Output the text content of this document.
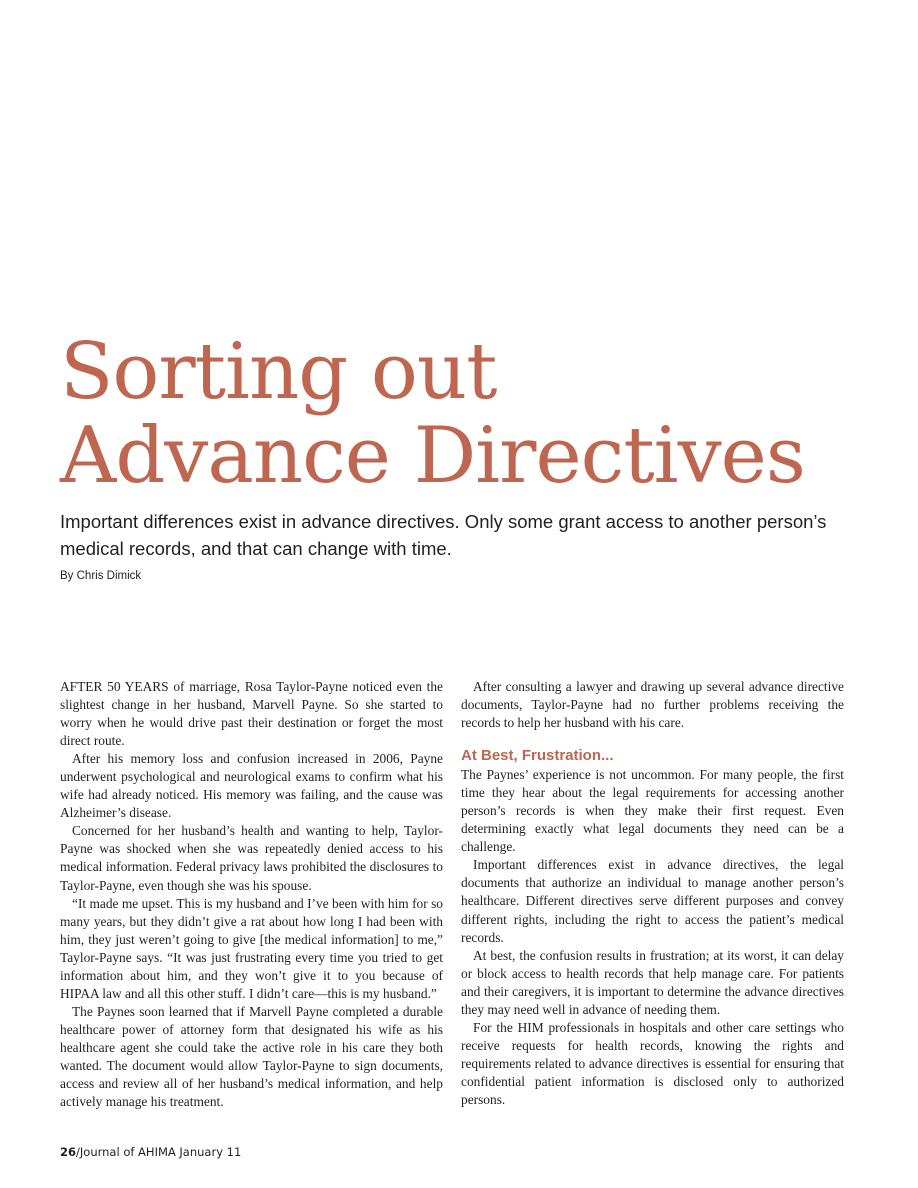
Sorting out
Advance Directives

Important differences exist in advance directives. Only some grant access to another person’s medical records, and that can change with time.

By Chris Dimick

AFTER 50 YEARS of marriage, Rosa Taylor-Payne noticed even the slightest change in her husband, Marvell Payne. So she started to worry when he would drive past their destination or forget the most direct route.

After his memory loss and confusion increased in 2006, Payne underwent psychological and neurological exams to confirm what his wife had already noticed. His memory was failing, and the cause was Alzheimer’s disease.

Concerned for her husband’s health and wanting to help, Taylor-Payne was shocked when she was repeatedly denied access to his medical information. Federal privacy laws prohibited the disclosures to Taylor-Payne, even though she was his spouse.

“It made me upset. This is my husband and I’ve been with him for so many years, but they didn’t give a rat about how long I had been with him, they just weren’t going to give [the medical information] to me,” Taylor-Payne says. “It was just frustrating every time you tried to get information about him, and they won’t give it to you because of HIPAA law and all this other stuff. I didn’t care—this is my husband.”

The Paynes soon learned that if Marvell Payne completed a durable healthcare power of attorney form that designated his wife as his healthcare agent she could take the active role in his care they both wanted. The document would allow Taylor-Payne to sign documents, access and review all of her husband’s medical information, and help actively manage his treatment.

After consulting a lawyer and drawing up several advance directive documents, Taylor-Payne had no further problems receiving the records to help her husband with his care.

At Best, Frustration...

The Paynes’ experience is not uncommon. For many people, the first time they hear about the legal requirements for accessing another person’s records is when they make their first request. Even determining exactly what legal documents they need can be a challenge.

Important differences exist in advance directives, the legal documents that authorize an individual to manage another person’s healthcare. Different directives serve different purposes and convey different rights, including the right to access the patient’s medical records.

At best, the confusion results in frustration; at its worst, it can delay or block access to health records that help manage care. For patients and their caregivers, it is important to determine the advance directives they may need well in advance of needing them.

For the HIM professionals in hospitals and other care settings who receive requests for health records, knowing the rights and requirements related to advance directives is essential for ensuring that confidential patient information is disclosed only to authorized persons.

26/Journal of AHIMA January 11
